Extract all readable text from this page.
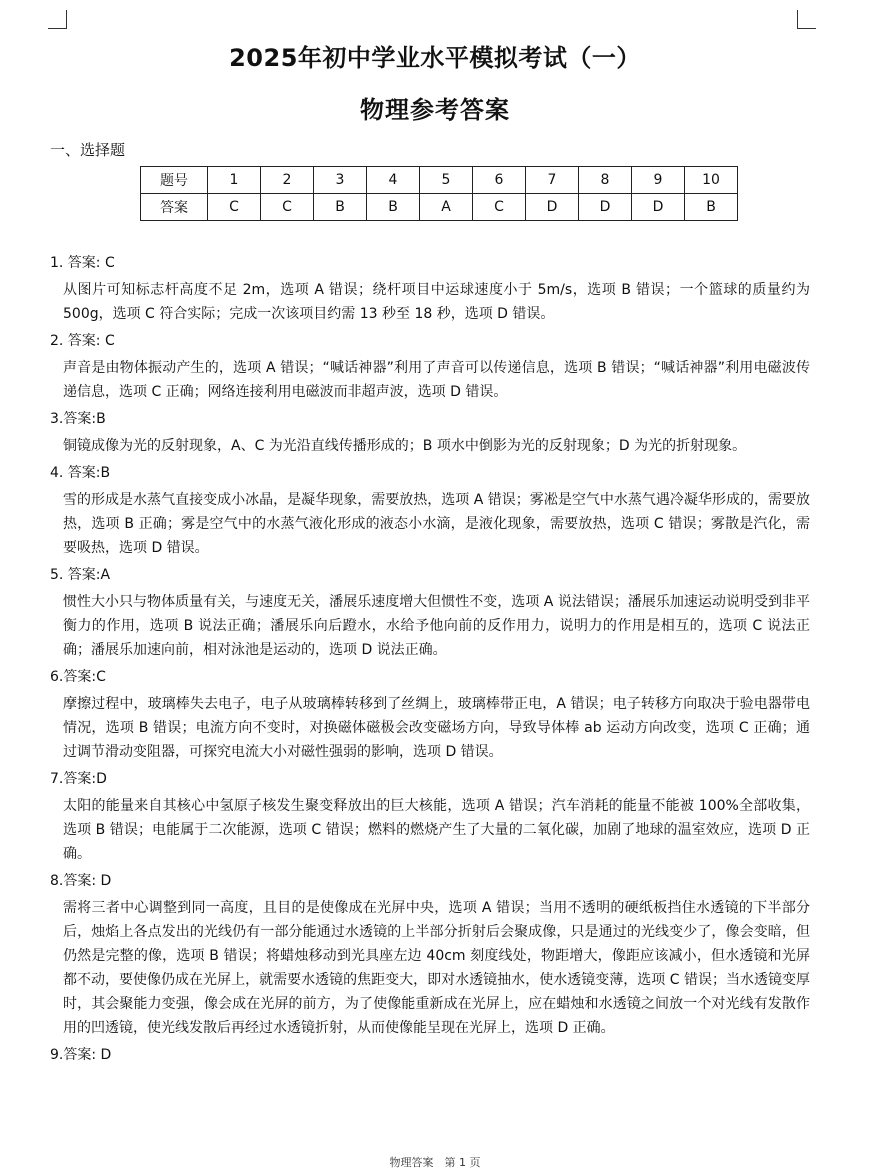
2025年初中学业水平模拟考试（一）
物理参考答案
一、选择题
题号	1	2	3	4	5	6	7	8	9	10
答案	C	C	B	B	A	C	D	D	D	B
1. 答案: C
从图片可知标志杆高度不足 2m，选项 A 错误；绕杆项目中运球速度小于 5m/s，选项 B 错误；一个篮球的质量约为 500g，选项 C 符合实际；完成一次该项目约需 13 秒至 18 秒，选项 D 错误。
2. 答案: C
声音是由物体振动产生的，选项 A 错误；“喊话神器”利用了声音可以传递信息，选项 B 错误；“喊话神器”利用电磁波传递信息，选项 C 正确；网络连接利用电磁波而非超声波，选项 D 错误。
3.答案:B
铜镜成像为光的反射现象，A、C 为光沿直线传播形成的；B 项水中倒影为光的反射现象；D 为光的折射现象。
4. 答案:B
雪的形成是水蒸气直接变成小冰晶，是凝华现象，需要放热，选项 A 错误；雾凇是空气中水蒸气遇冷凝华形成的，需要放热，选项 B 正确；雾是空气中的水蒸气液化形成的液态小水滴，是液化现象，需要放热，选项 C 错误；雾散是汽化，需要吸热，选项 D 错误。
5. 答案:A
惯性大小只与物体质量有关，与速度无关，潘展乐速度增大但惯性不变，选项 A 说法错误；潘展乐加速运动说明受到非平衡力的作用，选项 B 说法正确；潘展乐向后蹬水，水给予他向前的反作用力，说明力的作用是相互的，选项 C 说法正确；潘展乐加速向前，相对泳池是运动的，选项 D 说法正确。
6.答案:C
摩擦过程中，玻璃棒失去电子，电子从玻璃棒转移到了丝绸上，玻璃棒带正电，A 错误；电子转移方向取决于验电器带电情况，选项 B 错误；电流方向不变时，对换磁体磁极会改变磁场方向，导致导体棒 ab 运动方向改变，选项 C 正确；通过调节滑动变阻器，可探究电流大小对磁性强弱的影响，选项 D 错误。
7.答案:D
太阳的能量来自其核心中氢原子核发生聚变释放出的巨大核能，选项 A 错误；汽车消耗的能量不能被 100%全部收集，选项 B 错误；电能属于二次能源，选项 C 错误；燃料的燃烧产生了大量的二氧化碳，加剧了地球的温室效应，选项 D 正确。
8.答案: D
需将三者中心调整到同一高度，且目的是使像成在光屏中央，选项 A 错误；当用不透明的硬纸板挡住水透镜的下半部分后，烛焰上各点发出的光线仍有一部分能通过水透镜的上半部分折射后会聚成像，只是通过的光线变少了，像会变暗，但仍然是完整的像，选项 B 错误；将蜡烛移动到光具座左边 40cm 刻度线处，物距增大，像距应该减小，但水透镜和光屏都不动，要使像仍成在光屏上，就需要水透镜的焦距变大，即对水透镜抽水，使水透镜变薄，选项 C 错误；当水透镜变厚时，其会聚能力变强，像会成在光屏的前方，为了使像能重新成在光屏上，应在蜡烛和水透镜之间放一个对光线有发散作用的凹透镜，使光线发散后再经过水透镜折射，从而使像能呈现在光屏上，选项 D 正确。
9.答案: D
物理答案　第 1 页
